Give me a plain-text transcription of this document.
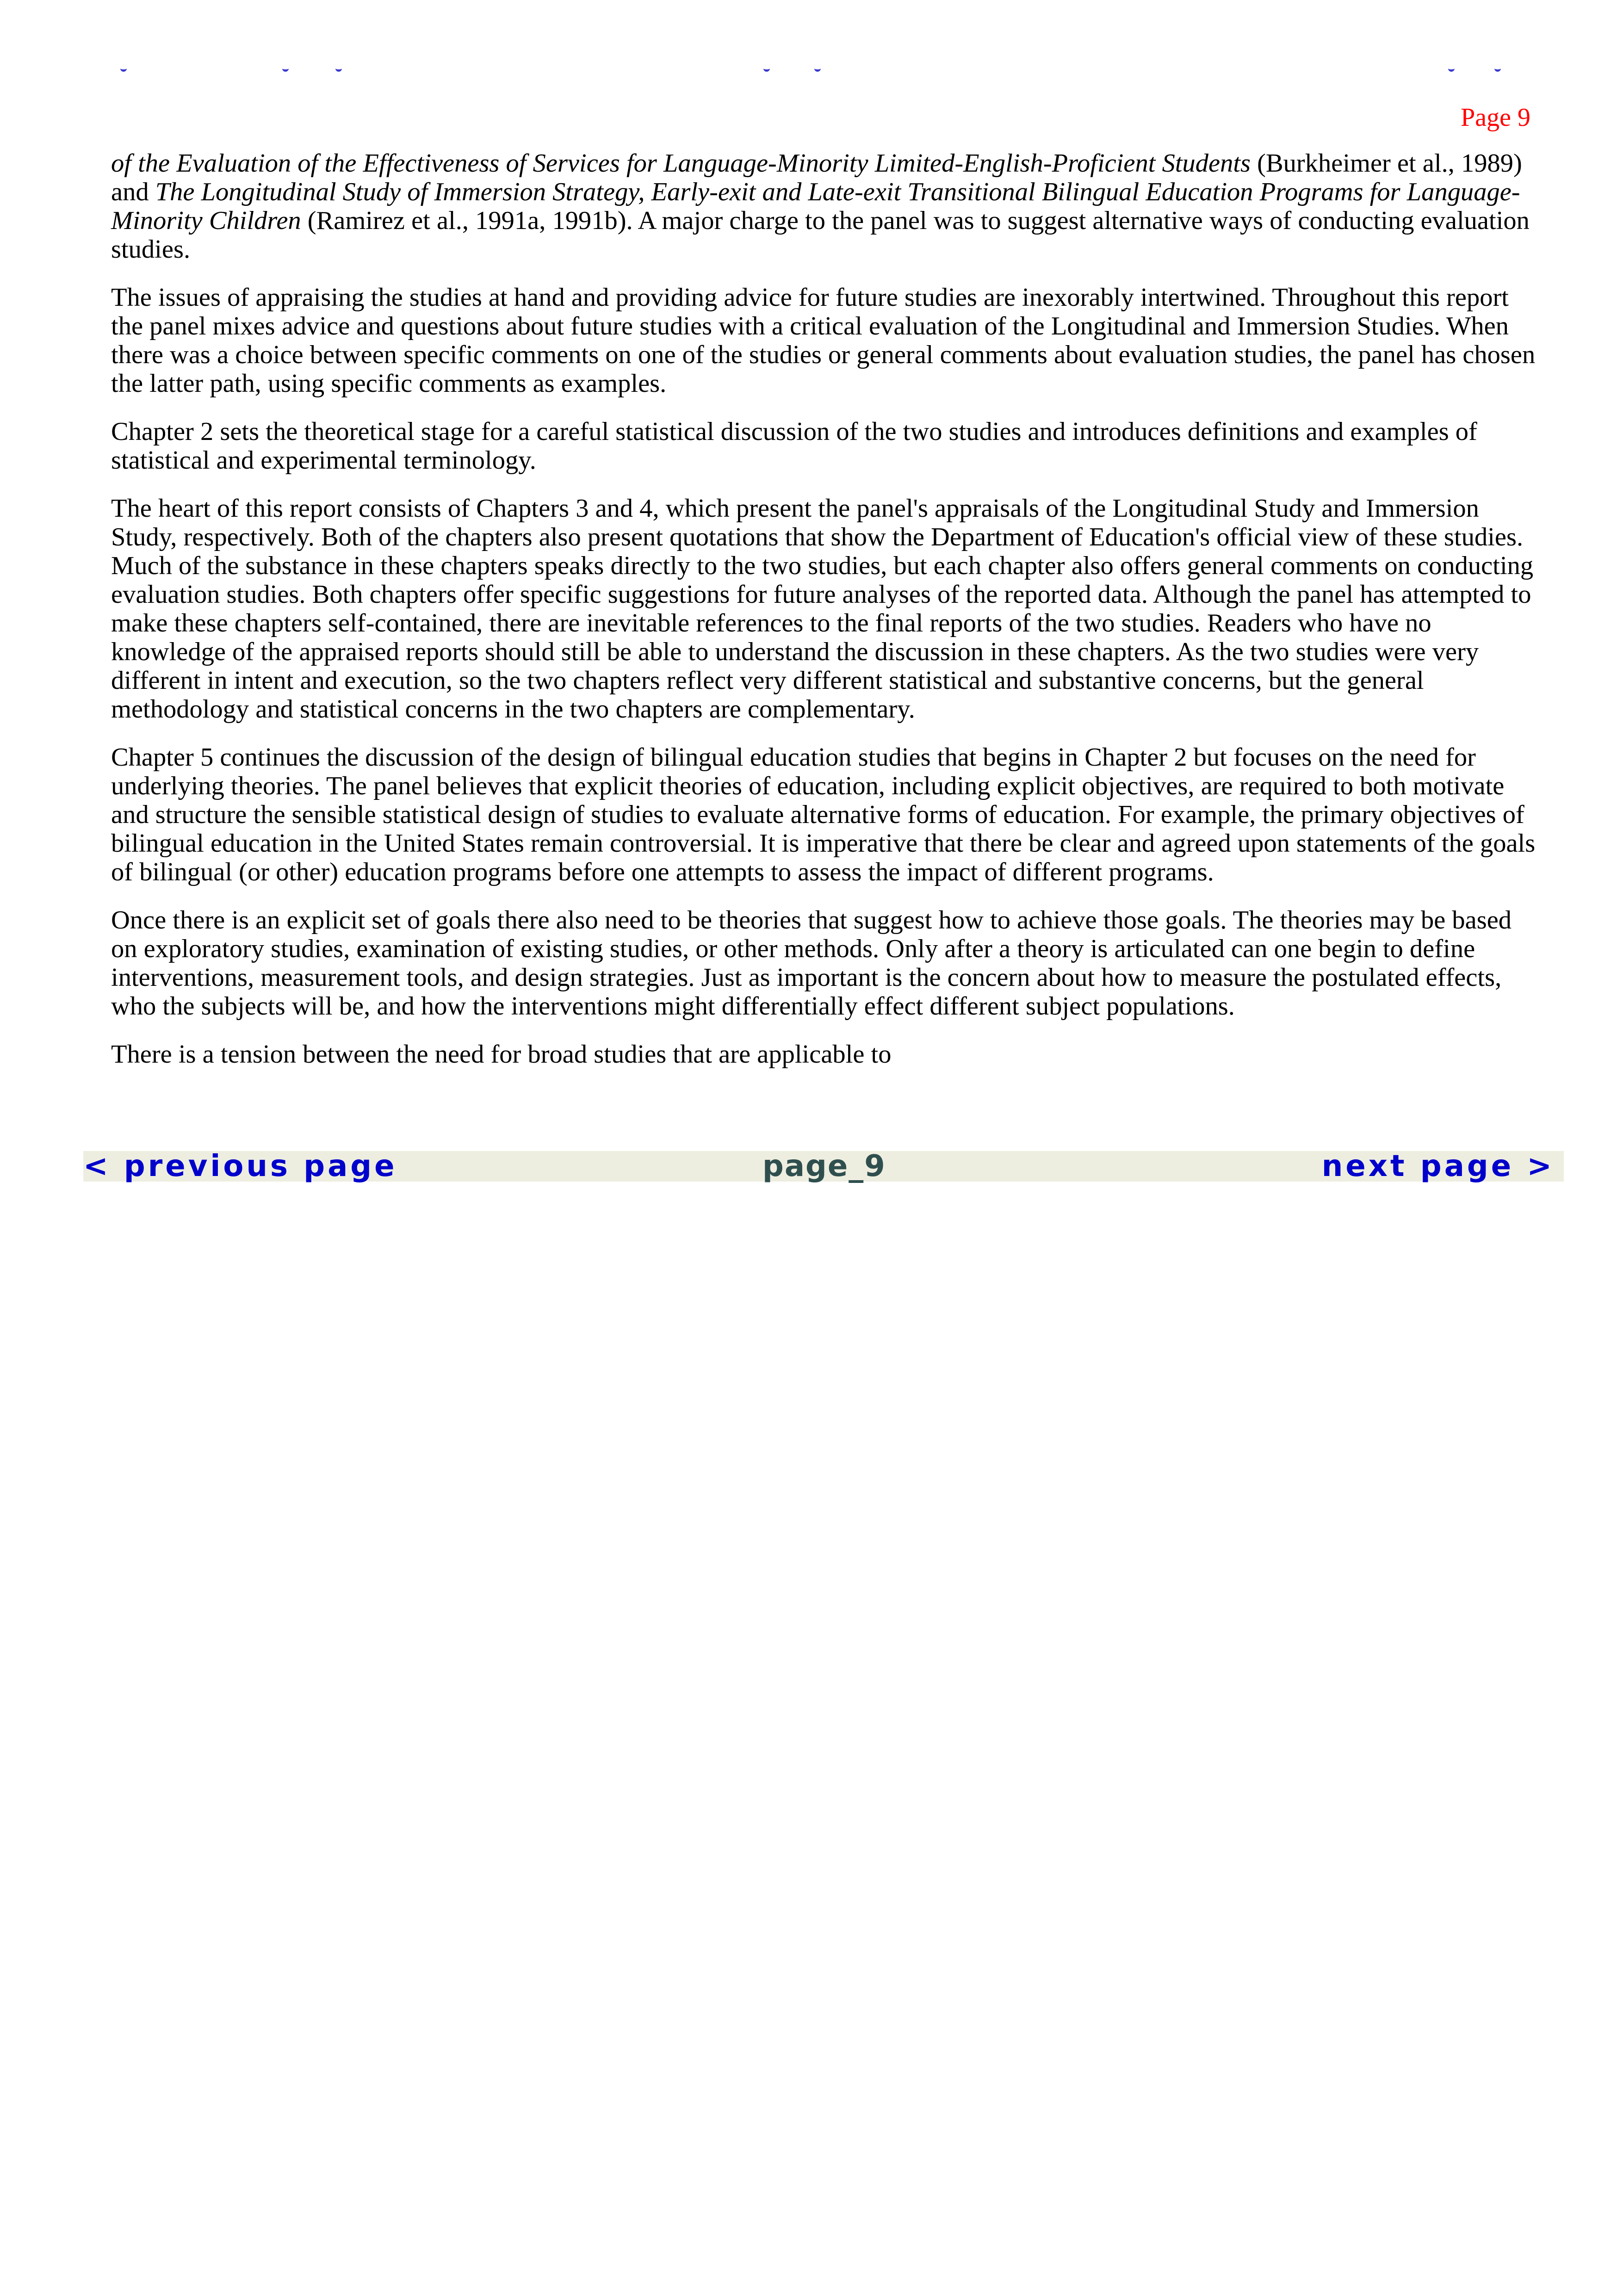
Page 9

of the Evaluation of the Effectiveness of Services for Language-Minority Limited-English-Proficient Students (Burkheimer et al., 1989) and The Longitudinal Study of Immersion Strategy, Early-exit and Late-exit Transitional Bilingual Education Programs for Language-Minority Children (Ramirez et al., 1991a, 1991b). A major charge to the panel was to suggest alternative ways of conducting evaluation studies.

The issues of appraising the studies at hand and providing advice for future studies are inexorably intertwined. Throughout this report the panel mixes advice and questions about future studies with a critical evaluation of the Longitudinal and Immersion Studies. When there was a choice between specific comments on one of the studies or general comments about evaluation studies, the panel has chosen the latter path, using specific comments as examples.

Chapter 2 sets the theoretical stage for a careful statistical discussion of the two studies and introduces definitions and examples of statistical and experimental terminology.

The heart of this report consists of Chapters 3 and 4, which present the panel's appraisals of the Longitudinal Study and Immersion Study, respectively. Both of the chapters also present quotations that show the Department of Education's official view of these studies. Much of the substance in these chapters speaks directly to the two studies, but each chapter also offers general comments on conducting evaluation studies. Both chapters offer specific suggestions for future analyses of the reported data. Although the panel has attempted to make these chapters self-contained, there are inevitable references to the final reports of the two studies. Readers who have no knowledge of the appraised reports should still be able to understand the discussion in these chapters. As the two studies were very different in intent and execution, so the two chapters reflect very different statistical and substantive concerns, but the general methodology and statistical concerns in the two chapters are complementary.

Chapter 5 continues the discussion of the design of bilingual education studies that begins in Chapter 2 but focuses on the need for underlying theories. The panel believes that explicit theories of education, including explicit objectives, are required to both motivate and structure the sensible statistical design of studies to evaluate alternative forms of education. For example, the primary objectives of bilingual education in the United States remain controversial. It is imperative that there be clear and agreed upon statements of the goals of bilingual (or other) education programs before one attempts to assess the impact of different programs.

Once there is an explicit set of goals there also need to be theories that suggest how to achieve those goals. The theories may be based on exploratory studies, examination of existing studies, or other methods. Only after a theory is articulated can one begin to define interventions, measurement tools, and design strategies. Just as important is the concern about how to measure the postulated effects, who the subjects will be, and how the interventions might differentially effect different subject populations.

There is a tension between the need for broad studies that are applicable to

< previous page	page_9	next page >
